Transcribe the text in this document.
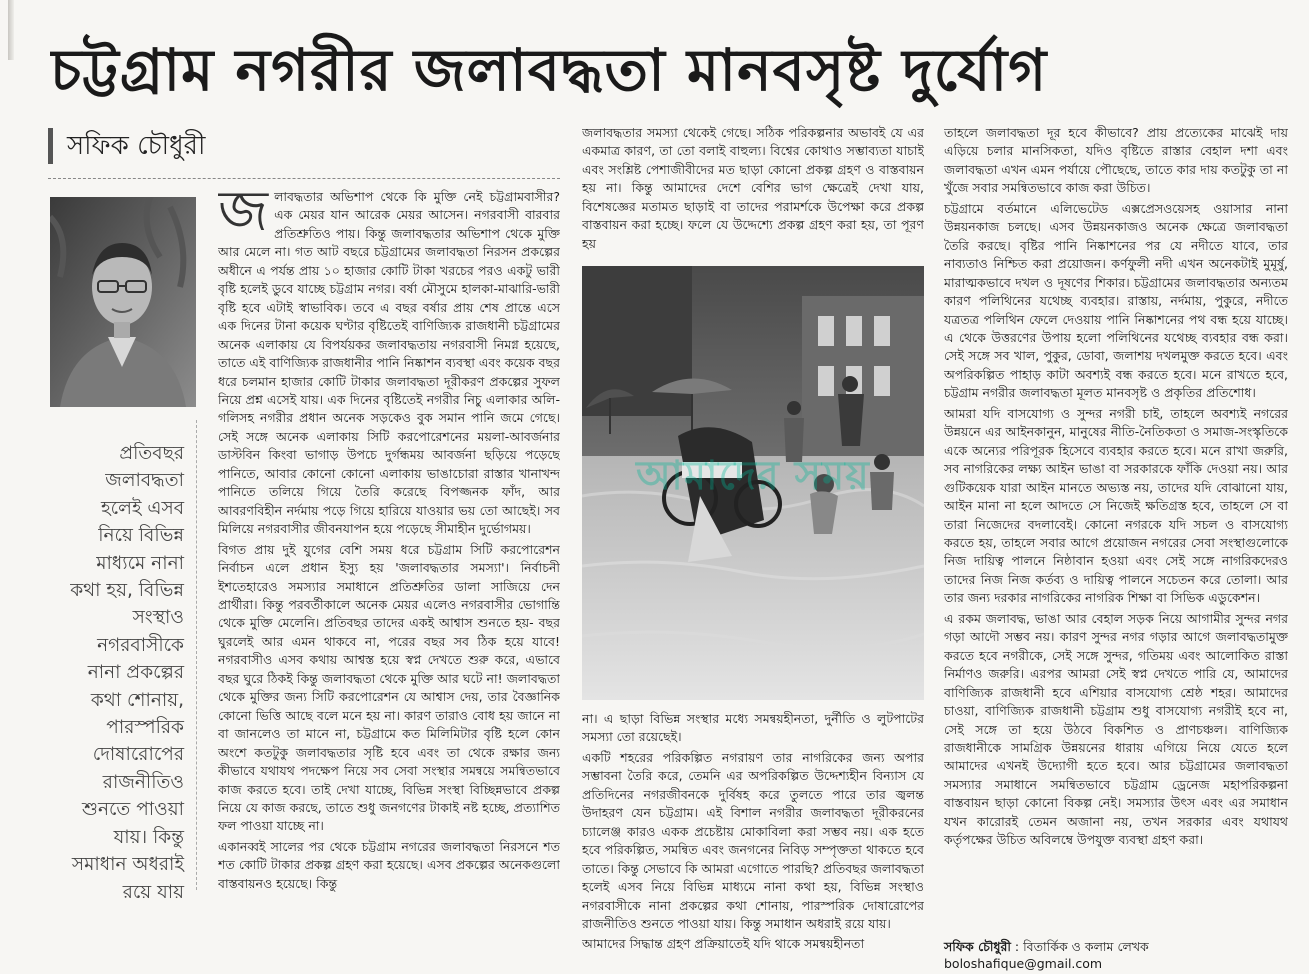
চট্টগ্রাম নগরীর জলাবদ্ধতা মানবসৃষ্ট দুর্যোগ
সফিক চৌধুরী
প্রতিবছর
জলাবদ্ধতা
হলেই এসব
নিয়ে বিভিন্ন
মাধ্যমে নানা
কথা হয়, বিভিন্ন
সংস্থাও
নগরবাসীকে
নানা প্রকল্পের
কথা শোনায়,
পারস্পরিক
দোষারোপের
রাজনীতিও
শুনতে পাওয়া
যায়। কিন্তু
সমাধান অধরাই
রয়ে যায়

জলাবদ্ধতার অভিশাপ থেকে কি মুক্তি নেই চট্টগ্রামবাসীর? এক মেয়র যান আরেক মেয়র আসেন। নগরবাসী বারবার প্রতিশ্রুতিও পায়। কিন্তু জলাবদ্ধতার অভিশাপ থেকে মুক্তি আর মেলে না। গত আট বছরে চট্টগ্রামের জলাবদ্ধতা নিরসন প্রকল্পের অধীনে এ পর্যন্ত প্রায় ১০ হাজার কোটি টাকা খরচের পরও একটু ভারী বৃষ্টি হলেই ডুবে যাচ্ছে চট্টগ্রাম নগর। বর্ষা মৌসুমে হালকা-মাঝারি-ভারী বৃষ্টি হবে এটাই স্বাভাবিক। তবে এ বছর বর্ষার প্রায় শেষ প্রান্তে এসে এক দিনের টানা কয়েক ঘণ্টার বৃষ্টিতেই বাণিজ্যিক রাজধানী চট্টগ্রামের অনেক এলাকায় যে বিপর্যয়কর জলাবদ্ধতায় নগরবাসী নিমগ্ন হয়েছে, তাতে এই বাণিজ্যিক রাজধানীর পানি নিষ্কাশন ব্যবস্থা এবং কয়েক বছর ধরে চলমান হাজার কোটি টাকার জলাবদ্ধতা দূরীকরণ প্রকল্পের সুফল নিয়ে প্রশ্ন এসেই যায়। এক দিনের বৃষ্টিতেই নগরীর নিচু এলাকার অলি-গলিসহ নগরীর প্রধান অনেক সড়কেও বুক সমান পানি জমে গেছে। সেই সঙ্গে অনেক এলাকায় সিটি করপোরেশনের ময়লা-আবর্জনার ডাস্টবিন কিংবা ভাগাড় উপচে দুর্গন্ধময় আবর্জনা ছড়িয়ে পড়েছে পানিতে, আবার কোনো কোনো এলাকায় ভাঙাচোরা রাস্তার খানাখন্দ পানিতে তলিয়ে গিয়ে তৈরি করেছে বিপজ্জনক ফাঁদ, আর আবরণবিহীন নর্দমায় পড়ে গিয়ে হারিয়ে যাওয়ার ভয় তো আছেই। সব মিলিয়ে নগরবাসীর জীবনযাপন হয়ে পড়েছে সীমাহীন দুর্ভোগময়।

বিগত প্রায় দুই যুগের বেশি সময় ধরে চট্টগ্রাম সিটি করপোরেশন নির্বাচন এলে প্রধান ইস্যু হয় 'জলাবদ্ধতার সমস্যা'। নির্বাচনী ইশতেহারেও সমস্যার সমাধানে প্রতিশ্রুতির ডালা সাজিয়ে দেন প্রার্থীরা। কিন্তু পরবর্তীকালে অনেক মেয়র এলেও নগরবাসীর ভোগান্তি থেকে মুক্তি মেলেনি। প্রতিবছর তাদের একই আশ্বাস শুনতে হয়- বছর ঘুরলেই আর এমন থাকবে না, পরের বছর সব ঠিক হয়ে যাবে! নগরবাসীও এসব কথায় আশ্বস্ত হয়ে স্বপ্ন দেখতে শুরু করে, এভাবে বছর ঘুরে ঠিকই কিন্তু জলাবদ্ধতা থেকে মুক্তি আর ঘটে না! জলাবদ্ধতা থেকে মুক্তির জন্য সিটি করপোরেশন যে আশ্বাস দেয়, তার বৈজ্ঞানিক কোনো ভিত্তি আছে বলে মনে হয় না। কারণ তারাও বোধ হয় জানে না বা জানলেও তা মানে না, চট্টগ্রামে কত মিলিমিটার বৃষ্টি হলে কোন অংশে কতটুকু জলাবদ্ধতার সৃষ্টি হবে এবং তা থেকে রক্ষার জন্য কীভাবে যথাযথ পদক্ষেপ নিয়ে সব সেবা সংস্থার সমন্বয়ে সমন্বিতভাবে কাজ করতে হবে। তাই দেখা যাচ্ছে, বিভিন্ন সংস্থা বিচ্ছিন্নভাবে প্রকল্প নিয়ে যে কাজ করছে, তাতে শুধু জনগণের টাকাই নষ্ট হচ্ছে, প্রত্যাশিত ফল পাওয়া যাচ্ছে না।

একানব্বই সালের পর থেকে চট্টগ্রাম নগরের জলাবদ্ধতা নিরসনে শত শত কোটি টাকার প্রকল্প গ্রহণ করা হয়েছে। এসব প্রকল্পের অনেকগুলো বাস্তবায়নও হয়েছে। কিন্তু

জলাবদ্ধতার সমস্যা থেকেই গেছে। সঠিক পরিকল্পনার অভাবই যে এর একমাত্র কারণ, তা তো বলাই বাহুল্য। বিশ্বের কোথাও সম্ভাব্যতা যাচাই এবং সংশ্লিষ্ট পেশাজীবীদের মত ছাড়া কোনো প্রকল্প গ্রহণ ও বাস্তবায়ন হয় না। কিন্তু আমাদের দেশে বেশির ভাগ ক্ষেত্রেই দেখা যায়, বিশেষজ্ঞের মতামত ছাড়াই বা তাদের পরামর্শকে উপেক্ষা করে প্রকল্প বাস্তবায়ন করা হচ্ছে। ফলে যে উদ্দেশ্যে প্রকল্প গ্রহণ করা হয়, তা পূরণ হয়

আমাদের সময়

না। এ ছাড়া বিভিন্ন সংস্থার মধ্যে সমন্বয়হীনতা, দুর্নীতি ও লুটপাটের সমস্যা তো রয়েছেই।

একটি শহরের পরিকল্পিত নগরায়ণ তার নাগরিকের জন্য অপার সম্ভাবনা তৈরি করে, তেমনি এর অপরিকল্পিত উদ্দেশ্যহীন বিন্যাস যে প্রতিদিনের নগরজীবনকে দুর্বিষহ করে তুলতে পারে তার জ্বলন্ত উদাহরণ যেন চট্টগ্রাম। এই বিশাল নগরীর জলাবদ্ধতা দূরীকরনের চ্যালেঞ্জ কারও একক প্রচেষ্টায় মোকাবিলা করা সম্ভব নয়। এক হতে হবে পরিকল্পিত, সমন্বিত এবং জনগনের নিবিড় সম্পৃক্ততা থাকতে হবে তাতে। কিন্তু সেভাবে কি আমরা এগোতে পারছি? প্রতিবছর জলাবদ্ধতা হলেই এসব নিয়ে বিভিন্ন মাধ্যমে নানা কথা হয়, বিভিন্ন সংস্থাও নগরবাসীকে নানা প্রকল্পের কথা শোনায়, পারস্পরিক দোষারোপের রাজনীতিও শুনতে পাওয়া যায়। কিন্তু সমাধান অধরাই রয়ে যায়।

আমাদের সিদ্ধান্ত গ্রহণ প্রক্রিয়াতেই যদি থাকে সমন্বয়হীনতা

তাহলে জলাবদ্ধতা দূর হবে কীভাবে? প্রায় প্রত্যেকের মাঝেই দায় এড়িয়ে চলার মানসিকতা, যদিও বৃষ্টিতে রাস্তার বেহাল দশা এবং জলাবদ্ধতা এখন এমন পর্যায়ে পৌছেছে, তাতে কার দায় কতটুকু তা না খুঁজে সবার সমন্বিতভাবে কাজ করা উচিত।

চট্টগ্রামে বর্তমানে এলিভেটেড এক্সপ্রেসওয়েসহ ওয়াসার নানা উন্নয়নকাজ চলছে। এসব উন্নয়নকাজও অনেক ক্ষেত্রে জলাবদ্ধতা তৈরি করছে। বৃষ্টির পানি নিষ্কাশনের পর যে নদীতে যাবে, তার নাব্যতাও নিশ্চিত করা প্রয়োজন। কর্ণফুলী নদী এখন অনেকটাই মুমূর্ষু, মারাত্মকভাবে দখল ও দূষণের শিকার। চট্টগ্রামের জলাবদ্ধতার অন্যতম কারণ পলিথিনের যথেচ্ছ ব্যবহার। রাস্তায়, নর্দমায়, পুকুরে, নদীতে যত্রতত্র পলিথিন ফেলে দেওয়ায় পানি নিষ্কাশনের পথ বন্ধ হয়ে যাচ্ছে। এ থেকে উত্তরণের উপায় হলো পলিথিনের যথেচ্ছ ব্যবহার বন্ধ করা। সেই সঙ্গে সব খাল, পুকুর, ডোবা, জলাশয় দখলমুক্ত করতে হবে। এবং অপরিকল্পিত পাহাড় কাটা অবশ্যই বন্ধ করতে হবে। মনে রাখতে হবে, চট্টগ্রাম নগরীর জলাবদ্ধতা মূলত মানবসৃষ্ট ও প্রকৃতির প্রতিশোধ।

আমরা যদি বাসযোগ্য ও সুন্দর নগরী চাই, তাহলে অবশ্যই নগরের উন্নয়নে এর আইনকানুন, মানুষের নীতি-নৈতিকতা ও সমাজ-সংস্কৃতিকে একে অন্যের পরিপূরক হিসেবে ব্যবহার করতে হবে। মনে রাখা জরুরি, সব নাগরিকের লক্ষ্য আইন ভাঙা বা সরকারকে ফাঁকি দেওয়া নয়। আর গুটিকয়েক যারা আইন মানতে অভ্যস্ত নয়, তাদের যদি বোঝানো যায়, আইন মানা না হলে আদতে সে নিজেই ক্ষতিগ্রস্ত হবে, তাহলে সে বা তারা নিজেদের বদলাবেই। কোনো নগরকে যদি সচল ও বাসযোগ্য করতে হয়, তাহলে সবার আগে প্রয়োজন নগরের সেবা সংস্থাগুলোকে নিজ দায়িত্ব পালনে নিষ্ঠাবান হওয়া এবং সেই সঙ্গে নাগরিকদেরও তাদের নিজ নিজ কর্তব্য ও দায়িত্ব পালনে সচেতন করে তোলা। আর তার জন্য দরকার নাগরিকের নাগরিক শিক্ষা বা সিভিক এডুকেশন।

এ রকম জলাবদ্ধ, ভাঙা আর বেহাল সড়ক নিয়ে আগামীর সুন্দর নগর গড়া আদৌ সম্ভব নয়। কারণ সুন্দর নগর গড়ার আগে জলাবদ্ধতামুক্ত করতে হবে নগরীকে, সেই সঙ্গে সুন্দর, গতিময় এবং আলোকিত রাস্তা নির্মাণও জরুরি। এরপর আমরা সেই স্বপ্ন দেখতে পারি যে, আমাদের বাণিজ্যিক রাজধানী হবে এশিয়ার বাসযোগ্য শ্রেষ্ঠ শহর। আমাদের চাওয়া, বাণিজ্যিক রাজধানী চট্টগ্রাম শুধু বাসযোগ্য নগরীই হবে না, সেই সঙ্গে তা হয়ে উঠবে বিকশিত ও প্রাণচঞ্চল। বাণিজ্যিক রাজধানীকে সামগ্রিক উন্নয়নের ধারায় এগিয়ে নিয়ে যেতে হলে আমাদের এখনই উদ্যোগী হতে হবে। আর চট্টগ্রামের জলাবদ্ধতা সমস্যার সমাধানে সমন্বিতভাবে চট্টগ্রাম ড্রেনেজ মহাপরিকল্পনা বাস্তবায়ন ছাড়া কোনো বিকল্প নেই। সমস্যার উৎস এবং এর সমাধান যখন কারোরই তেমন অজানা নয়, তখন সরকার এবং যথাযথ কর্তৃপক্ষের উচিত অবিলম্বে উপযুক্ত ব্যবস্থা গ্রহণ করা।

সফিক চৌধুরী : বিতার্কিক ও কলাম লেখক
boloshafique@gmail.com
